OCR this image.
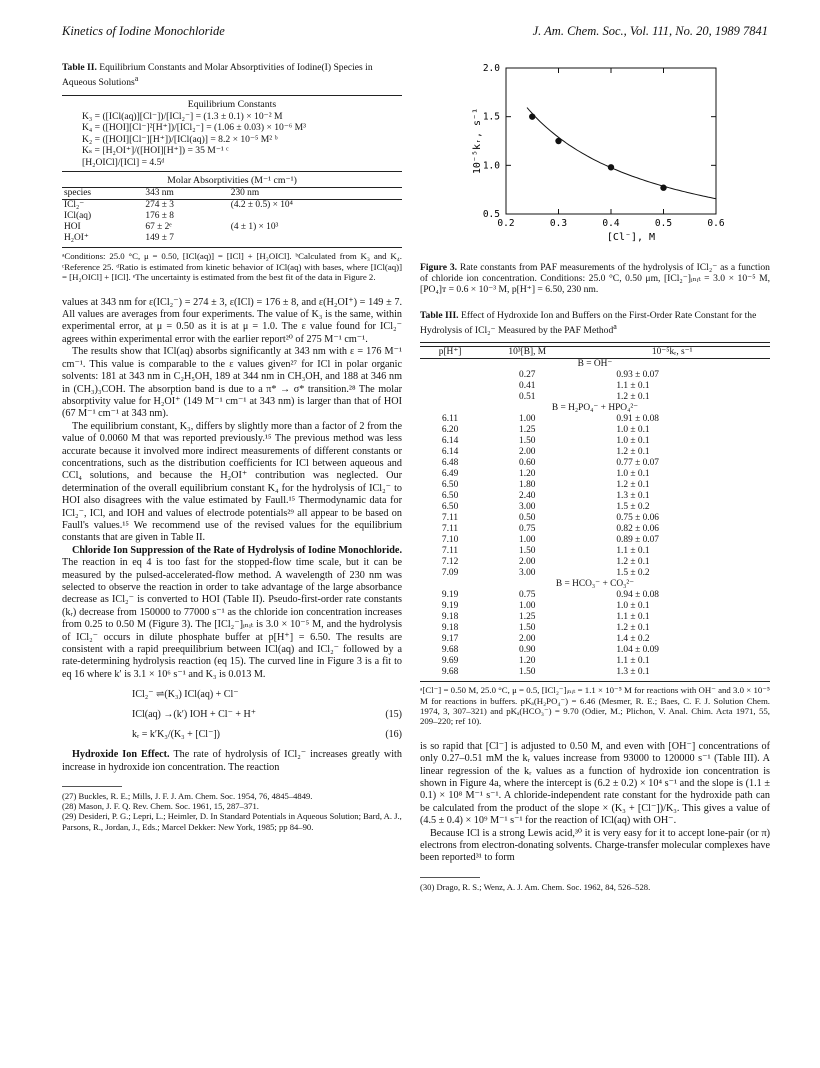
Kinetics of Iodine Monochloride	J. Am. Chem. Soc., Vol. 111, No. 20, 1989 7841
Table II. Equilibrium Constants and Molar Absorptivities of Iodine(I) Species in Aqueous Solutions$^a$
Equilibrium Constants
K₃ = ([ICl(aq)][Cl⁻])/[ICl₂⁻] = (1.3 ± 0.1) × 10⁻² M
K₄ = ([HOI][Cl⁻]²[H⁺])/[ICl₂⁻] = (1.06 ± 0.03) × 10⁻⁶ M³
K₂ = ([HOI][Cl⁻][H⁺])/[ICl(aq)] = 8.2 × 10⁻⁵ M² ᵇ
Kₛ = [H₂OI⁺]/([HOI][H⁺]) = 35 M⁻¹ ᶜ
[H₂OICl]/[ICl] = 4.5ᵈ
Molar Absorptivities (M⁻¹ cm⁻¹)
species	343 nm	230 nm
ICl₂⁻	274 ± 3	(4.2 ± 0.5) × 10⁴
ICl(aq)	176 ± 8	
HOI	67 ± 2ᵉ	(4 ± 1) × 10³
H₂OI⁺	149 ± 7	
ᵃConditions: 25.0 °C, μ = 0.50, [ICl(aq)] = [ICl] + [H₂OICl]. ᵇCalculated from K₃ and K₄. ᶜReference 25. ᵈRatio is estimated from kinetic behavior of ICl(aq) with bases, where [ICl(aq)] = [H₂OICl] + [ICl]. ᵉThe uncertainty is estimated from the best fit of the data in Figure 2.

values at 343 nm for ε(ICl₂⁻) = 274 ± 3, ε(ICl) = 176 ± 8, and ε(H₂OI⁺) = 149 ± 7. All values are averages from four experiments. The value of K₃ is the same, within experimental error, at μ = 0.50 as it is at μ = 1.0. The ε value found for ICl₂⁻ agrees within experimental error with the earlier report²⁰ of 275 M⁻¹ cm⁻¹.

The results show that ICl(aq) absorbs significantly at 343 nm with ε = 176 M⁻¹ cm⁻¹. This value is comparable to the ε values given²⁷ for ICl in polar organic solvents: 181 at 343 nm in C₂H₅OH, 189 at 344 nm in CH₃OH, and 188 at 346 nm in (CH₃)₃COH. The absorption band is due to a π* → σ* transition.²⁸ The molar absorptivity value for H₂OI⁺ (149 M⁻¹ cm⁻¹ at 343 nm) is larger than that of HOI (67 M⁻¹ cm⁻¹ at 343 nm).

The equilibrium constant, K₃, differs by slightly more than a factor of 2 from the value of 0.0060 M that was reported previously.¹⁵ The previous method was less accurate because it involved more indirect measurements of different constants or concentrations, such as the distribution coefficients for ICl between aqueous and CCl₄ solutions, and because the H₂OI⁺ contribution was neglected. Our determination of the overall equilibrium constant K₄ for the hydrolysis of ICl₂⁻ to HOI also disagrees with the value estimated by Faull.¹⁵ Thermodynamic data for ICl₂⁻, ICl, and IOH and values of electrode potentials²⁹ all appear to be based on Faull's values.¹⁵ We recommend use of the revised values for the equilibrium constants that are given in Table II.

Chloride Ion Suppression of the Rate of Hydrolysis of Iodine Monochloride. The reaction in eq 4 is too fast for the stopped-flow time scale, but it can be measured by the pulsed-accelerated-flow method. A wavelength of 230 nm was selected to observe the reaction in order to take advantage of the large absorbance decrease as ICl₂⁻ is converted to HOI (Table II). Pseudo-first-order rate constants (kᵣ) decrease from 150000 to 77000 s⁻¹ as the chloride ion concentration increases from 0.25 to 0.50 M (Figure 3). The [ICl₂⁻]ᵢₙᵢₜ is 3.0 × 10⁻⁵ M, and the hydrolysis of ICl₂⁻ occurs in dilute phosphate buffer at p[H⁺] = 6.50. The results are consistent with a rapid preequilibrium between ICl(aq) and ICl₂⁻ followed by a rate-determining hydrolysis reaction (eq 15). The curved line in Figure 3 is a fit to eq 16 where k′ is 3.1 × 10⁶ s⁻¹ and K₃ is 0.013 M.

ICl₂⁻ ⇌(K₃) ICl(aq) + Cl⁻
ICl(aq) →(k′) IOH + Cl⁻ + H⁺	(15)
kᵣ = k′K₃/(K₃ + [Cl⁻])	(16)

Hydroxide Ion Effect. The rate of hydrolysis of ICl₂⁻ increases greatly with increase in hydroxide ion concentration. The reaction

(27) Buckles, R. E.; Mills, J. F. J. Am. Chem. Soc. 1954, 76, 4845–4849.

(28) Mason, J. F. Q. Rev. Chem. Soc. 1961, 15, 287–371.

(29) Desideri, P. G.; Lepri, L.; Heimler, D. In Standard Potentials in Aqueous Solution; Bard, A. J., Parsons, R., Jordan, J., Eds.; Marcel Dekker: New York, 1985; pp 84–90.

0.2	0.3	0.4	0.5	0.6
0.5
1.0
1.5
2.0
[Cl⁻], M
10⁻⁵kᵣ, s⁻¹
Figure 3. Rate constants from PAF measurements of the hydrolysis of ICl₂⁻ as a function of chloride ion concentration. Conditions: 25.0 °C, 0.50 μm, [ICl₂⁻]ᵢₙᵢₜ = 3.0 × 10⁻⁵ M, [PO₄]ᴛ = 0.6 × 10⁻³ M, p[H⁺] = 6.50, 230 nm.
Table III. Effect of Hydroxide Ion and Buffers on the First-Order Rate Constant for the Hydrolysis of ICl₂⁻ Measured by the PAF Method$^a$
p[H⁺]	10³[B], M	10⁻⁵kᵣ, s⁻¹
B = OH⁻		
	0.27	0.93 ± 0.07
	0.41	1.1 ± 0.1
	0.51	1.2 ± 0.1
B = H₂PO₄⁻ + HPO₄²⁻		
6.11	1.00	0.91 ± 0.08
6.20	1.25	1.0 ± 0.1
6.14	1.50	1.0 ± 0.1
6.14	2.00	1.2 ± 0.1
6.48	0.60	0.77 ± 0.07
6.49	1.20	1.0 ± 0.1
6.50	1.80	1.2 ± 0.1
6.50	2.40	1.3 ± 0.1
6.50	3.00	1.5 ± 0.2
7.11	0.50	0.75 ± 0.06
7.11	0.75	0.82 ± 0.06
7.10	1.00	0.89 ± 0.07
7.11	1.50	1.1 ± 0.1
7.12	2.00	1.2 ± 0.1
7.09	3.00	1.5 ± 0.2
B = HCO₃⁻ + CO₃²⁻		
9.19	0.75	0.94 ± 0.08
9.19	1.00	1.0 ± 0.1
9.18	1.25	1.1 ± 0.1
9.18	1.50	1.2 ± 0.1
9.17	2.00	1.4 ± 0.2
9.68	0.90	1.04 ± 0.09
9.69	1.20	1.1 ± 0.1
9.68	1.50	1.3 ± 0.1
ᵃ[Cl⁻] = 0.50 M, 25.0 °C, μ = 0.5, [ICl₂⁻]ᵢₙᵢₜ = 1.1 × 10⁻⁵ M for reactions with OH⁻ and 3.0 × 10⁻⁵ M for reactions in buffers. pKₐ(H₂PO₄⁻) = 6.46 (Mesmer, R. E.; Baes, C. F. J. Solution Chem. 1974, 3, 307–321) and pKₐ(HCO₃⁻) = 9.70 (Odier, M.; Plichon, V. Anal. Chim. Acta 1971, 55, 209–220; ref 10).

is so rapid that [Cl⁻] is adjusted to 0.50 M, and even with [OH⁻] concentrations of only 0.27–0.51 mM the kᵣ values increase from 93000 to 120000 s⁻¹ (Table III). A linear regression of the kᵣ values as a function of hydroxide ion concentration is shown in Figure 4a, where the intercept is (6.2 ± 0.2) × 10⁴ s⁻¹ and the slope is (1.1 ± 0.1) × 10⁸ M⁻¹ s⁻¹. A chloride-independent rate constant for the hydroxide path can be calculated from the product of the slope × (K₃ + [Cl⁻])/K₃. This gives a value of (4.5 ± 0.4) × 10⁹ M⁻¹ s⁻¹ for the reaction of ICl(aq) with OH⁻.

Because ICl is a strong Lewis acid,³⁰ it is very easy for it to accept lone-pair (or π) electrons from electron-donating solvents. Charge-transfer molecular complexes have been reported³¹ to form

(30) Drago, R. S.; Wenz, A. J. Am. Chem. Soc. 1962, 84, 526–528.
